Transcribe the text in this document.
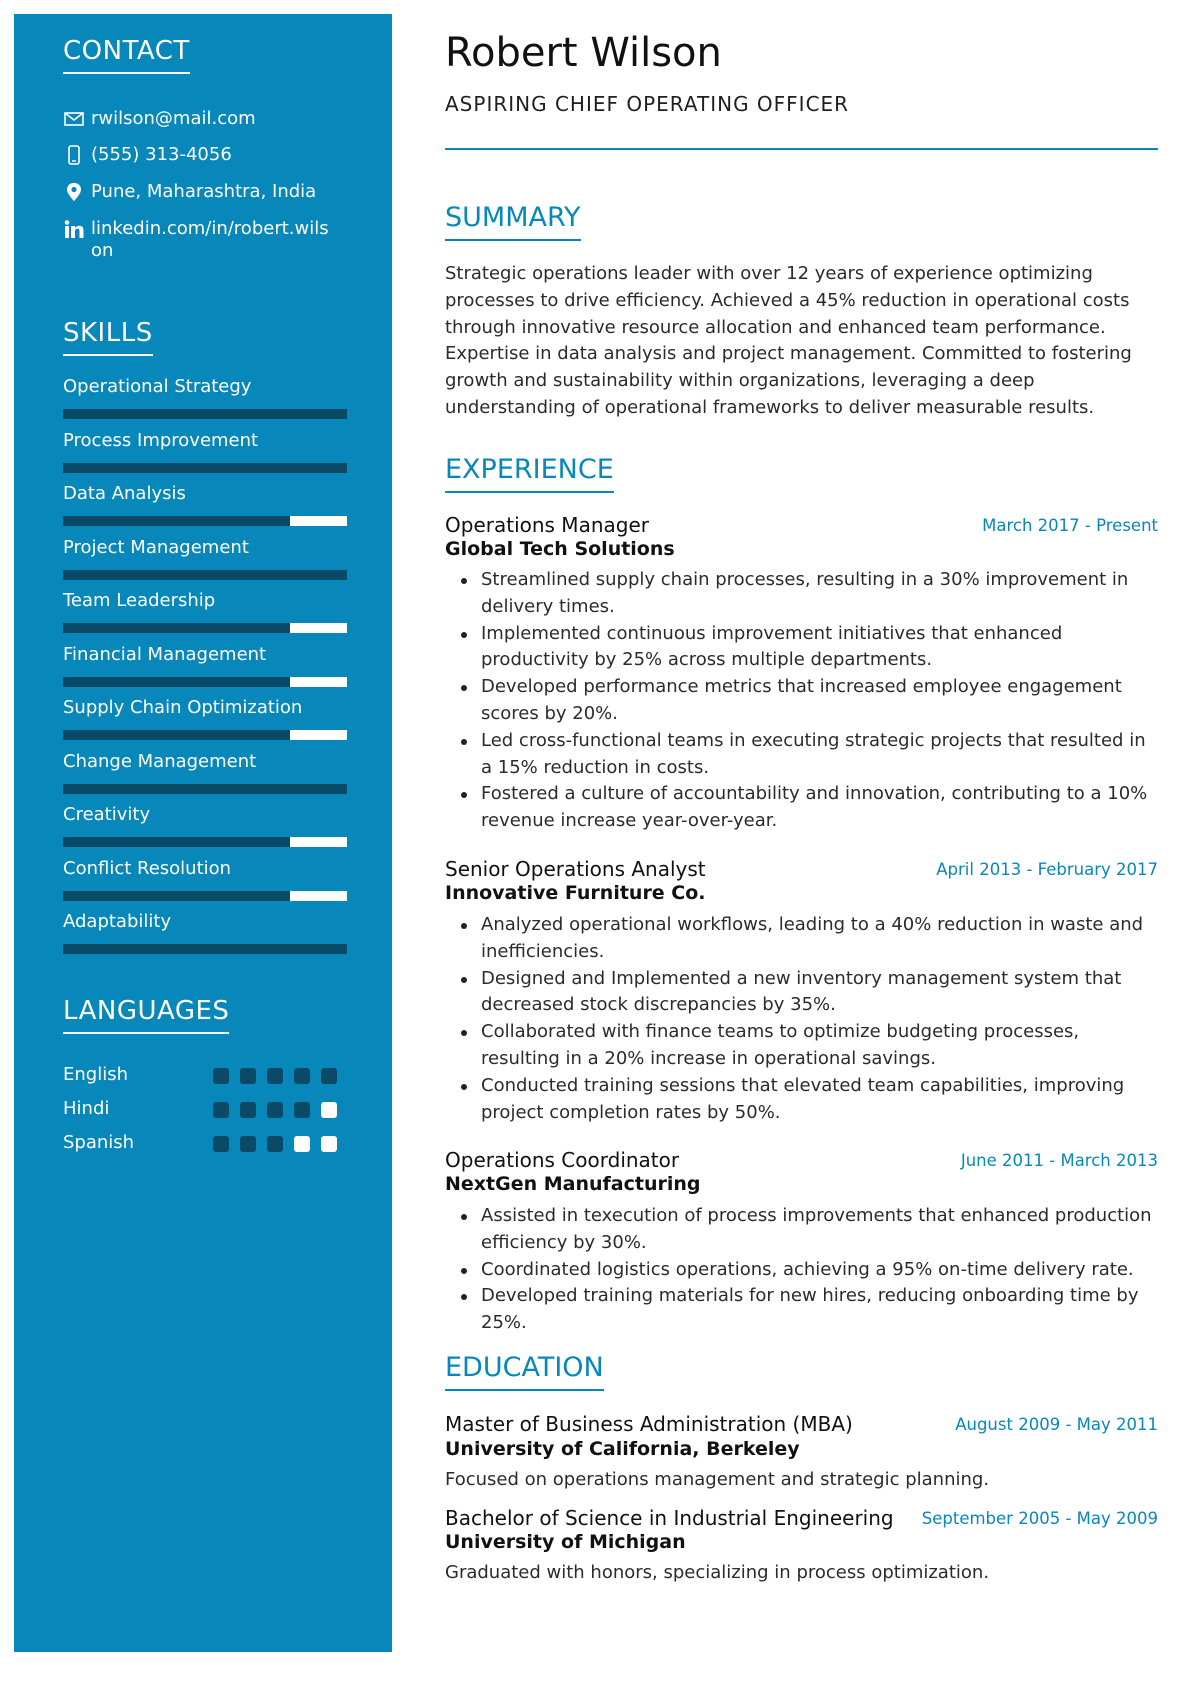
CONTACT
rwilson@mail.com
(555) 313-4056
Pune, Maharashtra, India
linkedin.com/in/robert.wilson
SKILLS
Operational Strategy
Process Improvement
Data Analysis
Project Management
Team Leadership
Financial Management
Supply Chain Optimization
Change Management
Creativity
Conflict Resolution
Adaptability
LANGUAGES
English
Hindi
Spanish
Robert Wilson
ASPIRING CHIEF OPERATING OFFICER
SUMMARY

Strategic operations leader with over 12 years of experience optimizing processes to drive efficiency. Achieved a 45% reduction in operational costs through innovative resource allocation and enhanced team performance. Expertise in data analysis and project management. Committed to fostering growth and sustainability within organizations, leveraging a deep understanding of operational frameworks to deliver measurable results.

EXPERIENCE
Operations Manager	March 2017 - Present
Global Tech Solutions
Streamlined supply chain processes, resulting in a 30% improvement in delivery times.
Implemented continuous improvement initiatives that enhanced productivity by 25% across multiple departments.
Developed performance metrics that increased employee engagement scores by 20%.
Led cross-functional teams in executing strategic projects that resulted in a 15% reduction in costs.
Fostered a culture of accountability and innovation, contributing to a 10% revenue increase year-over-year.
Senior Operations Analyst	April 2013 - February 2017
Innovative Furniture Co.
Analyzed operational workflows, leading to a 40% reduction in waste and inefficiencies.
Designed and Implemented a new inventory management system that decreased stock discrepancies by 35%.
Collaborated with finance teams to optimize budgeting processes, resulting in a 20% increase in operational savings.
Conducted training sessions that elevated team capabilities, improving project completion rates by 50%.
Operations Coordinator	June 2011 - March 2013
NextGen Manufacturing
Assisted in texecution of process improvements that enhanced production efficiency by 30%.
Coordinated logistics operations, achieving a 95% on-time delivery rate.
Developed training materials for new hires, reducing onboarding time by 25%.
EDUCATION
Master of Business Administration (MBA)	August 2009 - May 2011
University of California, Berkeley
Focused on operations management and strategic planning.
Bachelor of Science in Industrial Engineering September 2005 - May 2009
University of Michigan
Graduated with honors, specializing in process optimization.
